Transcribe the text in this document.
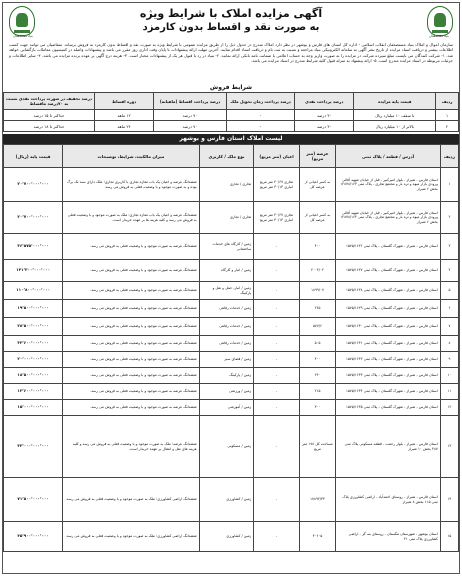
بنیاد مستضعفان
بنیاد مستضعفان
آگهی مزایده املاک با شرایط ویژه
به صورت نقد و اقساط بدون کارمزد
سازمان اموال و املاک بنیاد مستضعفان انقلاب اسلامی - اداره کل استان های فارس و بوشهر در نظر دارد املاک مندرج در جدول ذیل را از طریق مزایده عمومی با شرایط ویژه به صورت نقد و اقساط بدون کارمزد به فروش برساند. متقاضیان می توانند جهت کسب اطلاعات بیشتر و دریافت اسناد مزایده از تاریخ نشر آگهی به سامانه الکترونیکی بنیاد مراجعه و نسبت به ثبت نام و دریافت اسناد اقدام نمایند. آخرین مهلت ارائه پیشنهادات تا پایان وقت اداری روز مقرر می باشد و پیشنهادات واصله در کمیسیون معاملات بازگشایی خواهد شد. ۱- شرکت کنندگان می بایست مبلغ سپرده شرکت در مزایده را به صورت واریز وجه به حساب اعلامی یا ضمانت نامه بانکی ارائه نمایند. ۲- بنیاد در رد یا قبول هر یک از پیشنهادات مختار است. ۳- هزینه درج آگهی بر عهده برنده مزایده می باشد. ۴- سایر اطلاعات و جزئیات مربوطه در اسناد مزایده مندرج است. ۵- ارائه پیشنهاد به منزله قبول کلیه شرایط مندرج در اسناد مزایده می باشد.
شرایط فروش
ردیف	قیمت پایه مزایده	درصد پرداخت نقدی	درصد پرداخت زمان تحویل ملک	درصد پرداخت اقساط (ماهیانه)	دوره اقساط	درصد تخفیف در صورت پرداخت نقدی نسبت به ۷۰درصد ماقساط
۱	تا سقف ۱۰ میلیارد ریال	۳۰ درصد	-	۷۰ درصد	۱۲ ماهه	حداکثر تا ۱۵ درصد
۲	بالاتر از ۱۰ میلیارد ریال	۳۰ درصد	-	۷۰ درصد	۲۴ ماهه	حداکثر تا ۱۸ درصد
لیست املاک استان فارس و بوشهر
ردیف	آدرس / قطعه / پلاک ثبتی	عرصه (متر مربع)	اعیان (متر مربع)	نوع ملک / کاربری	میزان مالکیت، شرایط، توضیحات	قیمت پایه (ریال)
۱	استان فارس - شیراز - بلوار امیرکبیر - قبل از خیابان شهید آقائی ورودی بازار میوه و تره بار و مجتمع تجاری - پلاک ثبتی ۱۲۸۷۸/۱۶۳ بخش ۶ شیراز	به کسر اعیانی از عرصه کل	تجاری ۴۰/۶۷ متر مربع انباری ۳۰/۱۳ متر مربع	تجاری / تجاری	ششدانگ عرصه و اعیان یک باب مغازه تجاری با کاربری تجاری؛ ملک دارای سند تک برگ بوده و به صورت موجود و با وضعیت فعلی به فروش می رسد.	۲۰٬۷۰۰٬۰۰۰٬۰۰۰
۲	استان فارس - شیراز - بلوار امیرکبیر - قبل از خیابان شهید آقائی ورودی بازار میوه و تره بار و مجتمع تجاری - پلاک ثبتی ۱۲۸۷۸/۱۶۴ بخش ۶ شیراز	به کسر اعیانی از عرصه کل	تجاری ۴۰/۶۷ متر مربع انباری ۳۰/۱۳ متر مربع	تجاری / تجاری	ششدانگ عرصه و اعیان یک باب مغازه تجاری؛ ملک به صورت موجود و با وضعیت فعلی به فروش می رسد و کلیه هزینه ها بر عهده خریدار است.	۲۰٬۷۰۰٬۰۰۰٬۰۰۰
۳	استان فارس - شیراز - شهرک گلستان - پلاک ثبتی ۱۵۷۵/۱۶۲۶	۴۰۰	-	زمین / کارگاه های خدمات ساختمانی	ششدانگ عرصه به صورت موجود و با وضعیت فعلی به فروش می رسد.	۳۶٬۵۷۵٬۰۰۰٬۰۰۰
۴	استان فارس - شیراز - شهرک گلستان - پلاک ثبتی ۱۵۷۵/۱۶۲۷	۲۰۰۴/۰۲	-	زمین / انبار و کارگاه	ششدانگ عرصه به صورت موجود و با وضعیت فعلی به فروش می رسد.	۱۴۱٬۳۰۰٬۰۰۰٬۰۰۰
۵	استان فارس - شیراز - شهرک گلستان - پلاک ثبتی ۱۵۷۵/۱۶۲۸	۱۸۹۹/۰۷	-	زمین / انبار، حمل و نقل و پارکینگ	ششدانگ عرصه به صورت موجود و با وضعیت فعلی به فروش می رسد.	۱۱۰٬۸۰۰٬۰۰۰٬۰۰۰
۶	استان فارس - شیراز - شهرک گلستان - پلاک ثبتی ۱۵۷۵/۱۶۲۹	۲۶۵	-	زمین / خدمات رفاهی	ششدانگ عرصه به صورت موجود و با وضعیت فعلی به فروش می رسد.	۱۹٬۵۰۰٬۰۰۰٬۰۰۰
۷	استان فارس - شیراز - شهرک گلستان - پلاک ثبتی ۱۵۷۵/۱۶۳۰	۵۷۷/۶	-	زمین / خدمات رفاهی	ششدانگ عرصه به صورت موجود و با وضعیت فعلی به فروش می رسد.	۲۸٬۵۰۰٬۰۰۰٬۰۰۰
۸	استان فارس - شیراز - شهرک گلستان - پلاک ثبتی ۱۵۷۵/۱۶۳۱	۵۰۵	-	زمین / خدمات رفاهی	ششدانگ عرصه به صورت موجود و با وضعیت فعلی به فروش می رسد.	۳۲٬۶۰۰٬۰۰۰٬۰۰۰
۹	استان فارس - شیراز - شهرک گلستان - پلاک ثبتی ۱۵۷۵/۱۶۳۲	۴۰۰	-	زمین / فضای سبز	ششدانگ عرصه به صورت موجود و با وضعیت فعلی به فروش می رسد.	۲۰٬۰۰۰٬۰۰۰٬۰۰۰
۱۰	استان فارس - شیراز - شهرک گلستان - پلاک ثبتی ۱۵۷۵/۱۶۳۳	۶۴۰	-	زمین / پارکینگ	ششدانگ عرصه به صورت موجود و با وضعیت فعلی به فروش می رسد.	۱۸٬۵۰۰٬۰۰۰٬۰۰۰
۱۱	استان فارس - شیراز - شهرک گلستان - پلاک ثبتی ۱۵۷۵/۱۶۳۴	۲۱۵	-	زمین / ورزشی	ششدانگ عرصه به صورت موجود و با وضعیت فعلی به فروش می رسد.	۱۲٬۶۰۰٬۰۰۰٬۰۰۰
۱۲	استان فارس - شیراز - شهرک گلستان - پلاک ثبتی ۱۵۷۵/۱۶۳۵	۳۰۰	-	زمین / آموزشی	ششدانگ عرصه به صورت موجود و با وضعیت فعلی به فروش می رسد.	۱۵٬۰۰۰٬۰۰۰٬۰۰۰
۱۳	استان فارس - شیراز - بلوار رحمت - قطعه مسکونی پلاک ثبتی ۴۸۷ بخش ۱۰ شیراز	مساحت کل ۱۷۸ متر مربع	-	زمین / مسکونی	ششدانگ عرصه؛ ملک به صورت موجود و با وضعیت فعلی به فروش می رسد و کلیه هزینه های نقل و انتقال بر عهده خریدار است.	۳۲٬۰۰۰٬۰۰۰٬۰۰۰
۱۴	استان فارس - شیراز - روستای احمدآباد - اراضی کشاورزی پلاک ثبتی ۱۱۵ بخش ۸ شیراز	۱۷۸۹۲/۳۳	-	زمین / کشاورزی	ششدانگ اراضی کشاورزی؛ ملک به صورت موجود و با وضعیت فعلی به فروش می رسد.	۷۱٬۵۰۰٬۰۰۰٬۰۰۰
۱۵	استان بوشهر - شهرستان تنگستان - روستای بنه گز - اراضی کشاورزی پلاک ثبتی ۴۱	۳۰۶۰۵	-	زمین / کشاورزی	ششدانگ اراضی کشاورزی؛ ملک به صورت موجود و با وضعیت فعلی به فروش می رسد.	۴۵٬۹۰۰٬۰۰۰٬۰۰۰
